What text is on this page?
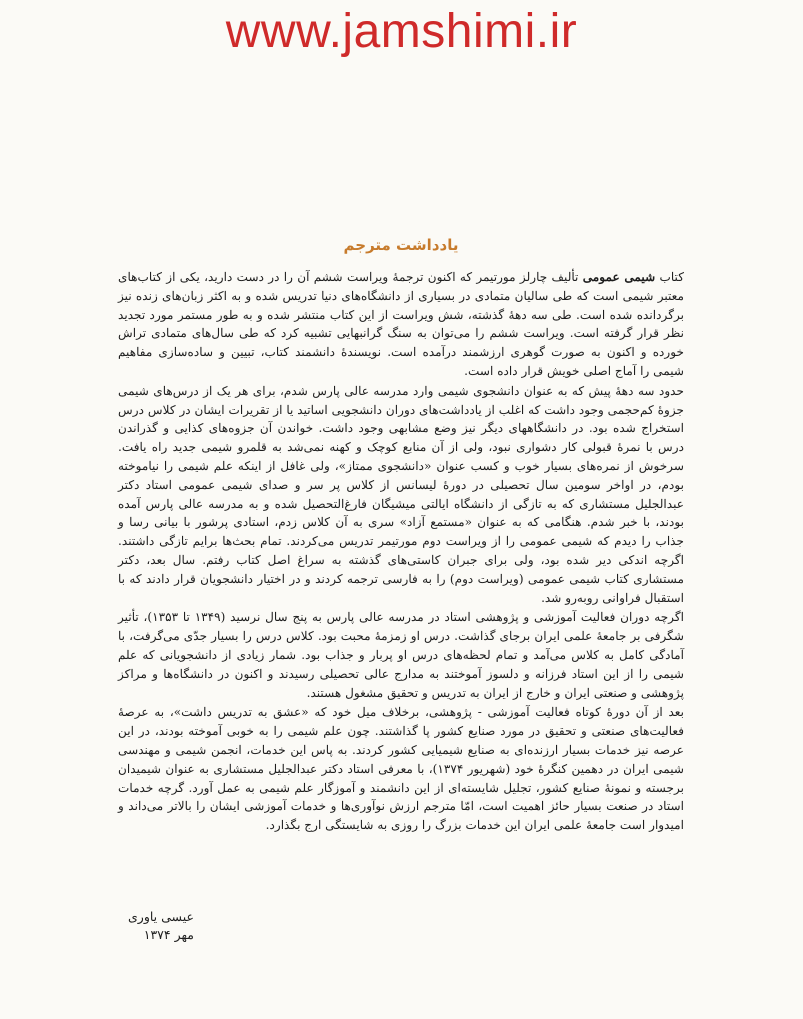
www.jamshimi.ir
یادداشت مترجم

کتاب شیمی عمومی تألیف چارلز مورتیمر که اکنون ترجمهٔ ویراست ششم آن را در دست دارید، یکی از کتاب‌های معتبر شیمی است که طی سالیان متمادی در بسیاری از دانشگاه‌های دنیا تدریس شده و به اکثر زبان‌های زنده نیز برگردانده شده است. طی سه دههٔ گذشته، شش ویراست از این کتاب منتشر شده و به طور مستمر مورد تجدید نظر قرار گرفته است. ویراست ششم را می‌توان به سنگ گرانبهایی تشبیه کرد که طی سال‌های متمادی تراش خورده و اکنون به صورت گوهری ارزشمند درآمده است. نویسندهٔ دانشمند کتاب، تبیین و ساده‌سازی مفاهیم شیمی را آماج اصلی خویش قرار داده است.

حدود سه دههٔ پیش که به عنوان دانشجوی شیمی وارد مدرسه عالی پارس شدم، برای هر یک از درس‌های شیمی جزوهٔ کم‌حجمی وجود داشت که اغلب از یادداشت‌های دوران دانشجویی اساتید یا از تقریرات ایشان در کلاس درس استخراج شده بود. در دانشگاههای دیگر نیز وضع مشابهی وجود داشت. خواندن آن جزوه‌های کذایی و گذراندن درس با نمرهٔ قبولی کار دشواری نبود، ولی از آن منابع کوچک و کهنه نمی‌شد به قلمرو شیمی جدید راه یافت. سرخوش از نمره‌های بسیار خوب و کسب عنوان «دانشجوی ممتاز»، ولی غافل از اینکه علم شیمی را نیاموخته بودم، در اواخر سومین سال تحصیلی در دورهٔ لیسانس از کلاس پر سر و صدای شیمی عمومی استاد دکتر عبدالجلیل مستشاری که به تازگی از دانشگاه ایالتی میشیگان فارغ‌التحصیل شده و به مدرسه عالی پارس آمده بودند، با خبر شدم. هنگامی که به عنوان «مستمع آزاد» سری به آن کلاس زدم، استادی پرشور با بیانی رسا و جذاب را دیدم که شیمی عمومی را از ویراست دوم مورتیمر تدریس می‌کردند. تمام بحث‌ها برایم تازگی داشتند. اگرچه اندکی دیر شده بود، ولی برای جبران کاستی‌های گذشته به سراغ اصل کتاب رفتم. سال بعد، دکتر مستشاری کتاب شیمی عمومی (ویراست دوم) را به فارسی ترجمه کردند و در اختیار دانشجویان قرار دادند که با استقبال فراوانی روبه‌رو شد.

اگرچه دوران فعالیت آموزشی و پژوهشی استاد در مدرسه عالی پارس به پنج سال نرسید (۱۳۴۹ تا ۱۳۵۳)، تأثیر شگرفی بر جامعهٔ علمی ایران برجای گذاشت. درس او زمزمهٔ محبت بود. کلاس درس را بسیار جدّی می‌گرفت، با آمادگی کامل به کلاس می‌آمد و تمام لحظه‌های درس او پربار و جذاب بود. شمار زیادی از دانشجویانی که علم شیمی را از این استاد فرزانه و دلسوز آموختند به مدارج عالی تحصیلی رسیدند و اکنون در دانشگاه‌ها و مراکز پژوهشی و صنعتی ایران و خارج از ایران به تدریس و تحقیق مشغول هستند.

بعد از آن دورهٔ کوتاه فعالیت آموزشی - پژوهشی، برخلاف میل خود که «عشق به تدریس داشت»، به عرصهٔ فعالیت‌های صنعتی و تحقیق در مورد صنایع کشور پا گذاشتند. چون علم شیمی را به خوبی آموخته بودند، در این عرصه نیز خدمات بسیار ارزنده‌ای به صنایع شیمیایی کشور کردند. به پاس این خدمات، انجمن شیمی و مهندسی شیمی ایران در دهمین کنگرهٔ خود (شهریور ۱۳۷۴)، با معرفی استاد دکتر عبدالجلیل مستشاری به عنوان شیمیدان برجسته و نمونهٔ صنایع کشور، تجلیل شایسته‌ای از این دانشمند و آموزگار علم شیمی به عمل آورد. گرچه خدمات استاد در صنعت بسیار حائز اهمیت است، امّا مترجم ارزش نوآوری‌ها و خدمات آموزشی ایشان را بالاتر می‌داند و امیدوار است جامعهٔ علمی ایران این خدمات بزرگ را روزی به شایستگی ارج بگذارد.

عیسی یاوری
مهر ۱۳۷۴
